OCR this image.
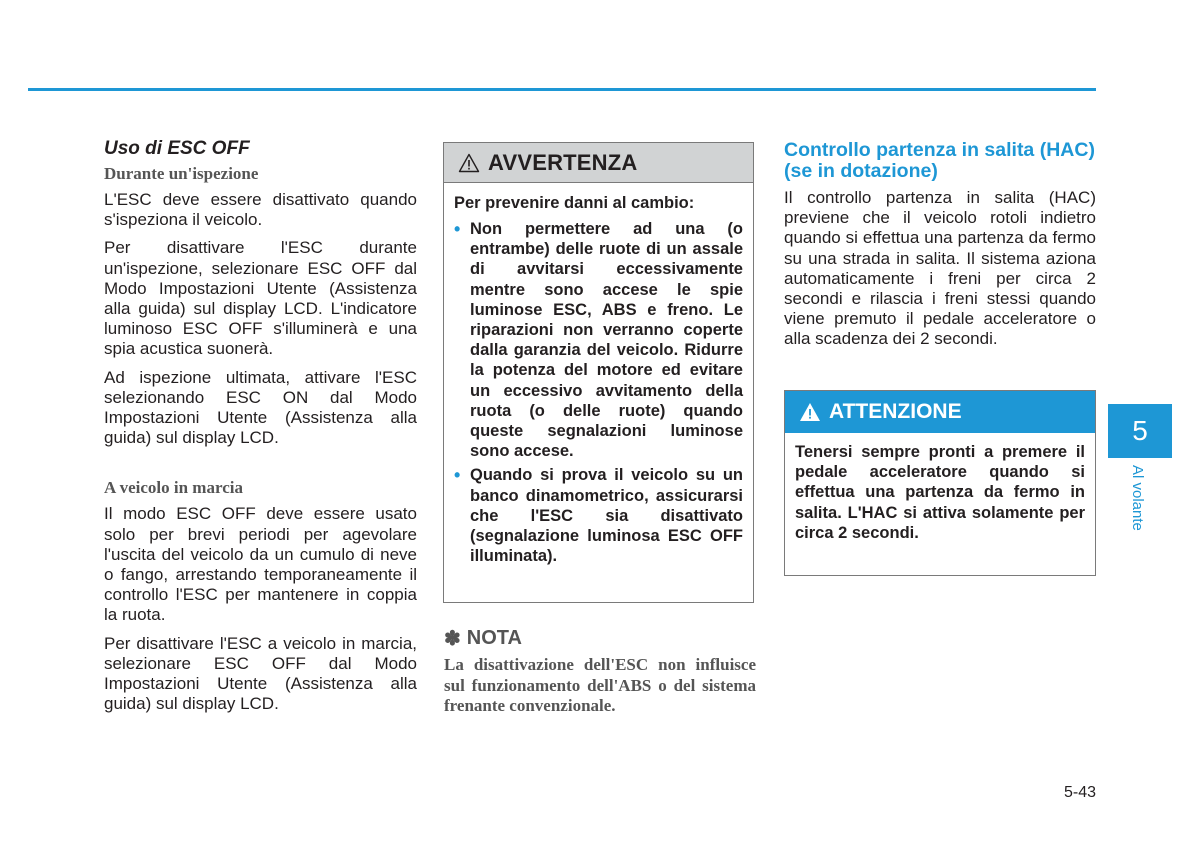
Uso di ESC OFF
Durante un'ispezione

L'ESC deve essere disattivato quando s'ispeziona il veicolo.

Per disattivare l'ESC durante un'ispezione, selezionare ESC OFF dal Modo Impostazioni Utente (Assistenza alla guida) sul display LCD. L'indicatore luminoso ESC OFF s'illuminerà e una spia acustica suonerà.

Ad ispezione ultimata, attivare l'ESC selezionando ESC ON dal Modo Impostazioni Utente (Assistenza alla guida) sul display LCD.

A veicolo in marcia

Il modo ESC OFF deve essere usato solo per brevi periodi per agevolare l'uscita del veicolo da un cumulo di neve o fango, arrestando temporaneamente il controllo l'ESC per mantenere in coppia la ruota.

Per disattivare l'ESC a veicolo in marcia, selezionare ESC OFF dal Modo Impostazioni Utente (Assistenza alla guida) sul display LCD.

AVVERTENZA
Per prevenire danni al cambio:
• Non permettere ad una (o entrambe) delle ruote di un assale di avvitarsi eccessivamente mentre sono accese le spie luminose ESC, ABS e freno. Le riparazioni non verranno coperte dalla garanzia del veicolo. Ridurre la potenza del motore ed evitare un eccessivo avvitamento della ruota (o delle ruote) quando queste segnalazioni luminose sono accese.
• Quando si prova il veicolo su un banco dinamometrico, assicurarsi che l'ESC sia disattivato (segnalazione luminosa ESC OFF illuminata).
✽ NOTA
La disattivazione dell'ESC non influisce sul funzionamento dell'ABS o del sistema frenante convenzionale.
Controllo partenza in salita (HAC) (se in dotazione)

Il controllo partenza in salita (HAC) previene che il veicolo rotoli indietro quando si effettua una partenza da fermo su una strada in salita. Il sistema aziona automaticamente i freni per circa 2 secondi e rilascia i freni stessi quando viene premuto il pedale acceleratore o alla scadenza dei 2 secondi.

ATTENZIONE
Tenersi sempre pronti a premere il pedale acceleratore quando si effettua una partenza da fermo in salita. L'HAC si attiva solamente per circa 2 secondi.
5
Al volante
5-43
